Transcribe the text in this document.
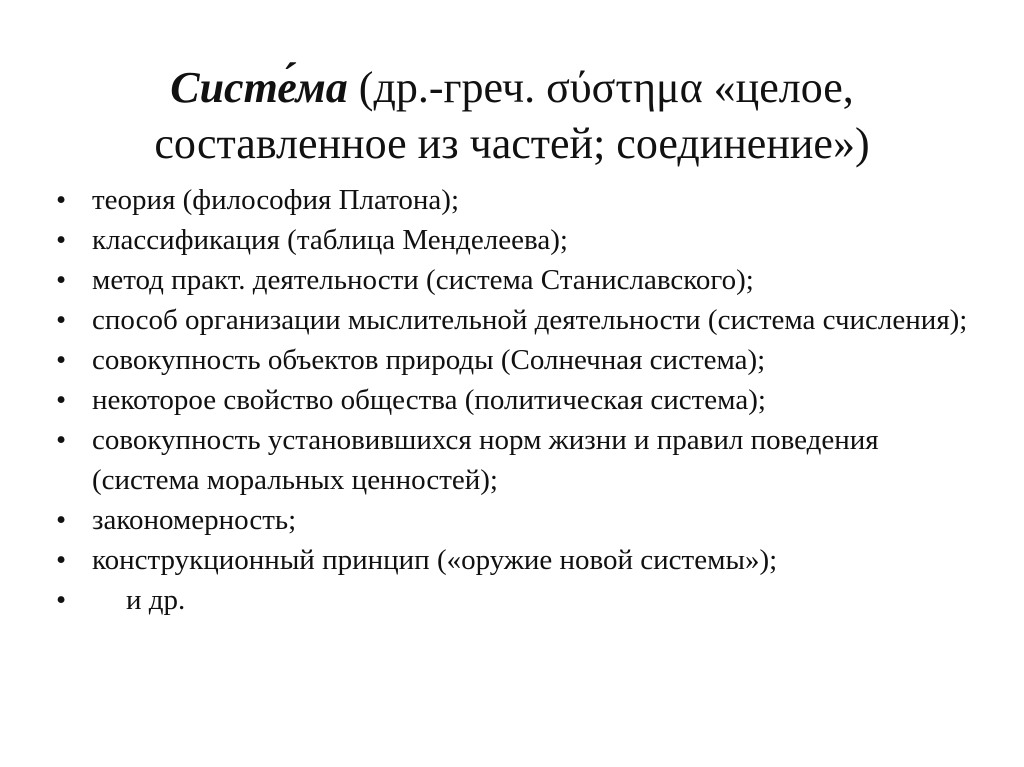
Систе́ма (др.-греч. σύστημα «целое, составленное из частей; соединение»)
• теория (философия Платона);
• классификация (таблица Менделеева);
• метод практ. деятельности (система Станиславского);
• способ организации мыслительной деятельности (система счисления);
• совокупность объектов природы (Солнечная система);
• некоторое свойство общества (политическая система);
• совокупность установившихся норм жизни и правил поведения (система моральных ценностей);
• закономерность;
• конструкционный принцип («оружие новой системы»);
• и др.
